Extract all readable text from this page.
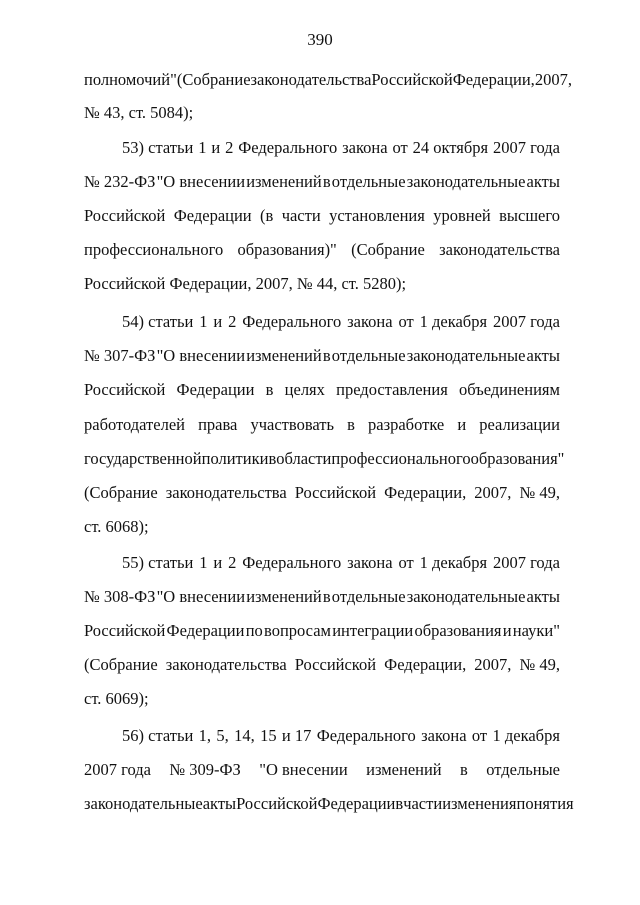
390
полномочий" (Собрание законодательства Российской Федерации, 2007,
№ 43, ст. 5084);
53) статьи 1 и 2 Федерального закона от 24 октября 2007 года
№ 232-ФЗ "О внесении изменений в отдельные законодательные акты
Российской Федерации (в части установления уровней высшего
профессионального образования)" (Собрание законодательства
Российской Федерации, 2007, № 44, ст. 5280);
54) статьи 1 и 2 Федерального закона от 1 декабря 2007 года
№ 307-ФЗ "О внесении изменений в отдельные законодательные акты
Российской Федерации в целях предоставления объединениям
работодателей права участвовать в разработке и реализации
государственной политики в области профессионального образования"
(Собрание законодательства Российской Федерации, 2007, № 49,
ст. 6068);
55) статьи 1 и 2 Федерального закона от 1 декабря 2007 года
№ 308-ФЗ "О внесении изменений в отдельные законодательные акты
Российской Федерации по вопросам интеграции образования и науки"
(Собрание законодательства Российской Федерации, 2007, № 49,
ст. 6069);
56) статьи 1, 5, 14, 15 и 17 Федерального закона от 1 декабря
2007 года № 309-ФЗ "О внесении изменений в отдельные
законодательные акты Российской Федерации в части изменения понятия
